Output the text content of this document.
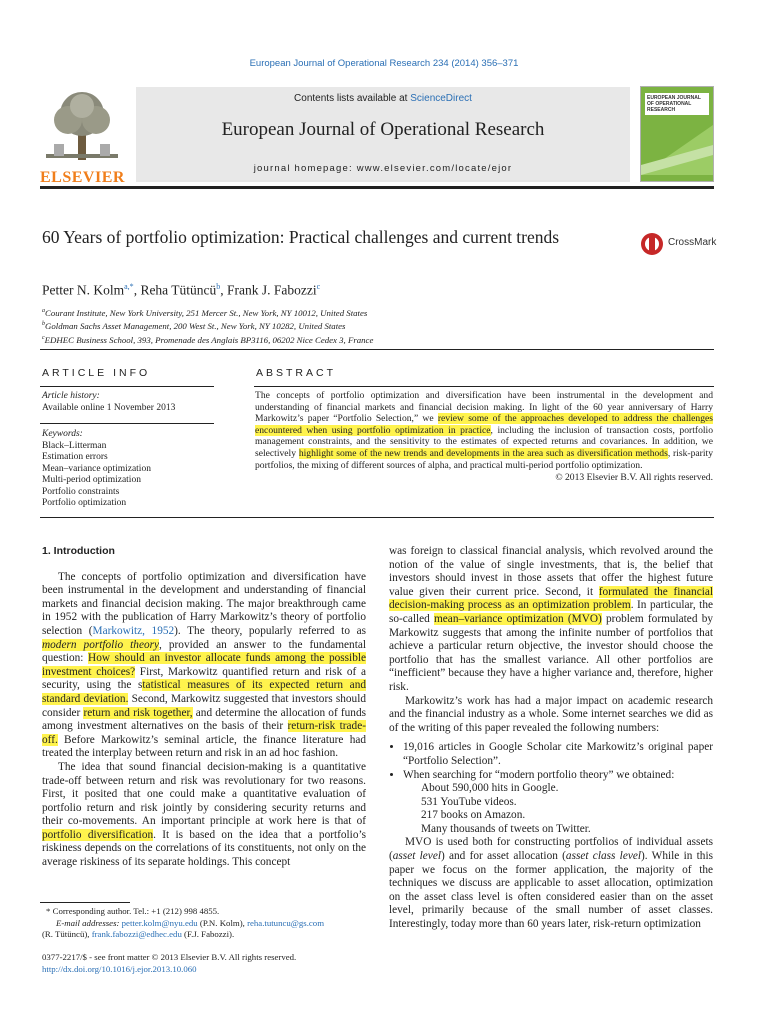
European Journal of Operational Research 234 (2014) 356–371
ELSEVIER
Contents lists available at ScienceDirect
European Journal of Operational Research
journal homepage: www.elsevier.com/locate/ejor
EUROPEAN JOURNAL OF OPERATIONAL RESEARCH
60 Years of portfolio optimization: Practical challenges and current trends	CrossMark
Petter N. Kolm$^{a,*}$, Reha Tütüncü$^b$, Frank J. Fabozzi$^c$
$^a$Courant Institute, New York University, 251 Mercer St., New York, NY 10012, United States
$^b$Goldman Sachs Asset Management, 200 West St., New York, NY 10282, United States
$^c$EDHEC Business School, 393, Promenade des Anglais BP3116, 06202 Nice Cedex 3, France
ARTICLE INFO
Article history:
Available online 1 November 2013
Keywords:
Black–Litterman
Estimation errors
Mean–variance optimization
Multi-period optimization
Portfolio constraints
Portfolio optimization
ABSTRACT
The concepts of portfolio optimization and diversification have been instrumental in the development and understanding of financial markets and financial decision making. In light of the 60 year anniversary of Harry Markowitz’s paper “Portfolio Selection,” we review some of the approaches developed to address the challenges encountered when using portfolio optimization in practice, including the inclusion of transaction costs, portfolio management constraints, and the sensitivity to the estimates of expected returns and covariances. In addition, we selectively highlight some of the new trends and developments in the area such as diversification methods, risk-parity portfolios, the mixing of different sources of alpha, and practical multi-period portfolio optimization.
© 2013 Elsevier B.V. All rights reserved.
1. Introduction

The concepts of portfolio optimization and diversification have been instrumental in the development and understanding of financial markets and financial decision making. The major breakthrough came in 1952 with the publication of Harry Markowitz’s theory of portfolio selection (Markowitz, 1952). The theory, popularly referred to as modern portfolio theory, provided an answer to the fundamental question: How should an investor allocate funds among the possible investment choices? First, Markowitz quantified return and risk of a security, using the statistical measures of its expected return and standard deviation. Second, Markowitz suggested that investors should consider return and risk together, and determine the allocation of funds among investment alternatives on the basis of their return-risk trade-off. Before Markowitz’s seminal article, the finance literature had treated the interplay between return and risk in an ad hoc fashion.

The idea that sound financial decision-making is a quantitative trade-off between return and risk was revolutionary for two reasons. First, it posited that one could make a quantitative evaluation of portfolio return and risk jointly by considering security returns and their co-movements. An important principle at work here is that of portfolio diversification. It is based on the idea that a portfolio’s riskiness depends on the correlations of its constituents, not only on the average riskiness of its separate holdings. This concept

was foreign to classical financial analysis, which revolved around the notion of the value of single investments, that is, the belief that investors should invest in those assets that offer the highest future value given their current price. Second, it formulated the financial decision-making process as an optimization problem. In particular, the so-called mean–variance optimization (MVO) problem formulated by Markowitz suggests that among the infinite number of portfolios that achieve a particular return objective, the investor should choose the portfolio that has the smallest variance. All other portfolios are “inefficient” because they have a higher variance and, therefore, higher risk.

Markowitz’s work has had a major impact on academic research and the financial industry as a whole. Some internet searches we did as of the writing of this paper revealed the following numbers:

• 19,016 articles in Google Scholar cite Markowitz’s original paper “Portfolio Selection”.
• When searching for “modern portfolio theory” we obtained:
About 590,000 hits in Google.
531 YouTube videos.
217 books on Amazon.
Many thousands of tweets on Twitter.

MVO is used both for constructing portfolios of individual assets (asset level) and for asset allocation (asset class level). While in this paper we focus on the former application, the majority of the techniques we discuss are applicable to asset allocation, optimization on the asset class level is often considered easier than on the asset level, primarily because of the small number of asset classes. Interestingly, today more than 60 years later, risk-return optimization

* Corresponding author. Tel.: +1 (212) 998 4855.
E-mail addresses: petter.kolm@nyu.edu (P.N. Kolm), reha.tutuncu@gs.com
(R. Tütüncü), frank.fabozzi@edhec.edu (F.J. Fabozzi).
0377-2217/$ - see front matter © 2013 Elsevier B.V. All rights reserved.
http://dx.doi.org/10.1016/j.ejor.2013.10.060
